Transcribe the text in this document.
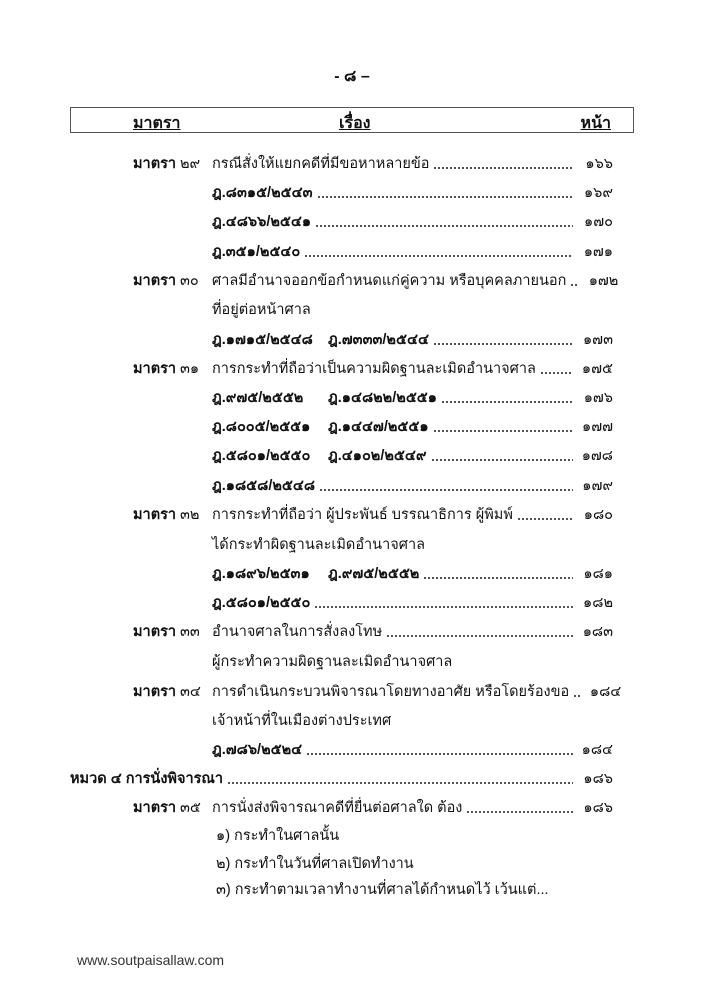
- ๘ –
มาตรา	เรื่อง	หน้า
มาตรา ๒๙ กรณีสั่งให้แยกคดีที่มีขอหาหลายข้อ	๑๖๖
ฎ.๘๓๑๕/๒๕๔๓	๑๖๙
ฎ.๔๘๖๖/๒๕๔๑	๑๗๐
ฎ.๓๕๑/๒๕๔๐	๑๗๑
มาตรา ๓๐ ศาลมีอำนาจออกข้อกำหนดแก่คู่ความ หรือบุคคลภายนอก	๑๗๒
ที่อยู่ต่อหน้าศาล
ฎ.๑๗๑๕/๒๕๔๘	ฎ.๗๓๓๓/๒๕๔๔	๑๗๓
มาตรา ๓๑ การกระทำที่ถือว่าเป็นความผิดฐานละเมิดอำนาจศาล	๑๗๕
ฎ.๙๗๕/๒๕๕๒	ฎ.๑๔๘๒๒/๒๕๕๑	๑๗๖
ฎ.๘๐๐๕/๒๕๕๑	ฎ.๑๔๔๗/๒๕๕๑	๑๗๗
ฎ.๕๘๐๑/๒๕๕๐	ฎ.๔๑๐๒/๒๕๔๙	๑๗๘
ฎ.๑๘๕๘/๒๕๔๘	๑๗๙
มาตรา ๓๒ การกระทำที่ถือว่า ผู้ประพันธ์ บรรณาธิการ ผู้พิมพ์	๑๘๐
ได้กระทำผิดฐานละเมิดอำนาจศาล
ฎ.๑๘๙๖/๒๕๓๑	ฎ.๙๗๕/๒๕๕๒	๑๘๑
ฎ.๕๘๐๑/๒๕๕๐	๑๘๒
มาตรา ๓๓ อำนาจศาลในการสั่งลงโทษ	๑๘๓
ผู้กระทำความผิดฐานละเมิดอำนาจศาล
มาตรา ๓๔ การดำเนินกระบวนพิจารณาโดยทางอาศัย หรือโดยร้องขอ	๑๘๔
เจ้าหน้าที่ในเมืองต่างประเทศ
ฎ.๗๘๖/๒๕๒๔	๑๘๔
หมวด ๔ การนั่งพิจารณา	๑๘๖
มาตรา ๓๕ การนั่งส่งพิจารณาคดีที่ยื่นต่อศาลใด ต้อง	๑๘๖
๑) กระทำในศาลนั้น
๒) กระทำในวันที่ศาลเปิดทำงาน
๓) กระทำตามเวลาทำงานที่ศาลได้กำหนดไว้ เว้นแต่...
www.soutpaisallaw.com
